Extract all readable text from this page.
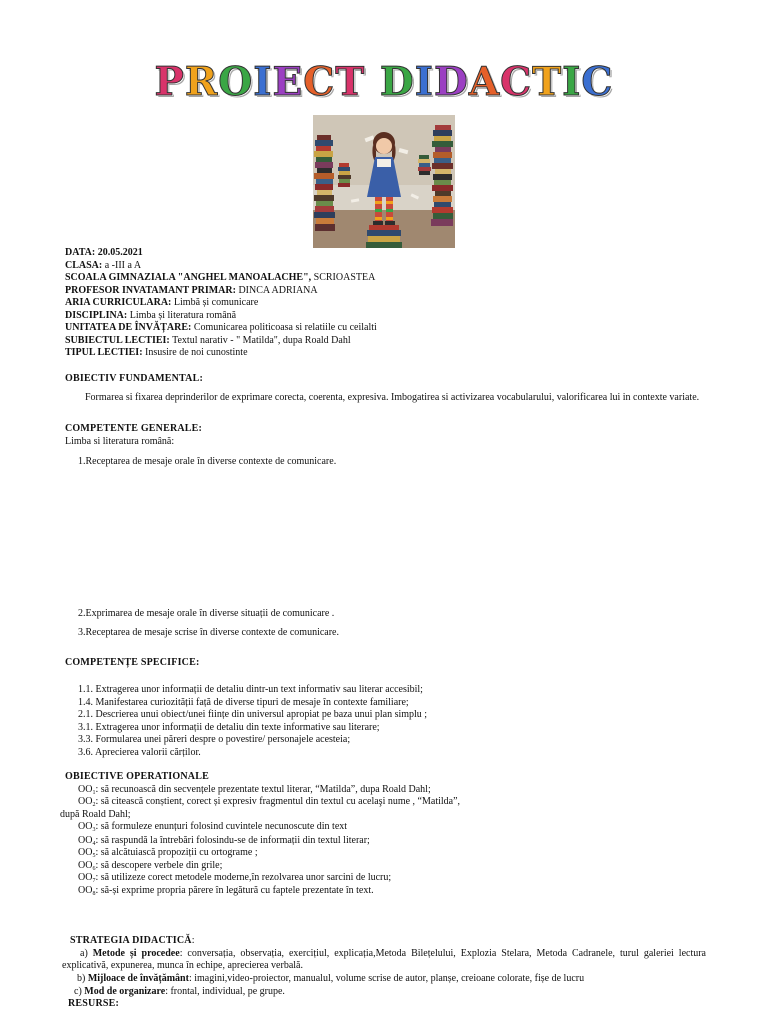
PROIECT DIDACTIC
DATA: 20.05.2021
CLASA: a -III a A
SCOALA GIMNAZIALA "ANGHEL MANOALACHE", SCRIOASTEA
PROFESOR INVATAMANT PRIMAR: DINCA ADRIANA
ARIA CURRICULARA: Limbă și comunicare
DISCIPLINA: Limba și literatura română
UNITATEA DE ÎNVĂȚARE: Comunicarea politicoasa si relatiile cu ceilalti
SUBIECTUL LECTIEI: Textul narativ - " Matilda", dupa Roald Dahl
TIPUL LECTIEI: Insusire de noi cunostinte
OBIECTIV FUNDAMENTAL:
Formarea si fixarea deprinderilor de exprimare corecta, coerenta, expresiva. Imbogatirea si activizarea vocabularului, valorificarea lui in contexte variate.
COMPETENTE GENERALE:
Limba si literatura română:
1.Receptarea de mesaje orale în diverse contexte de comunicare.
2.Exprimarea de mesaje orale în diverse situații de comunicare .
3.Receptarea de mesaje scrise în diverse contexte de comunicare.
COMPETENȚE SPECIFICE:
1.1. Extragerea unor informații de detaliu dintr-un text informativ sau literar accesibil;
1.4. Manifestarea curiozității față de diverse tipuri de mesaje în contexte familiare;
2.1. Descrierea unui obiect/unei ființe din universul apropiat pe baza unui plan simplu ;
3.1. Extragerea unor informații de detaliu din texte informative sau literare;
3.3. Formularea unei păreri despre o povestire/ personajele acesteia;
3.6. Aprecierea valorii cărților.
OBIECTIVE OPERATIONALE
$OO_1$: să recunoască din secvențele prezentate textul literar, “Matilda”, dupa Roald Dahl;
$OO_2$: să citească conștient, corect și expresiv fragmentul din textul cu acelaşi nume , “Matilda”,
după Roald Dahl;
$OO_3$: să formuleze enunțuri folosind cuvintele necunoscute din text
$OO_4$: să raspundă la întrebări folosindu-se de informații din textul literar;
$OO_5$: să alcătuiască propoziții cu ortograme ;
$OO_6$: să descopere verbele din grile;
$OO_7$: să utilizeze corect metodele moderne,în rezolvarea unor sarcini de lucru;
$OO_8$: să-și exprime propria părere în legătură cu faptele prezentate în text.
STRATEGIA DIDACTICĂ:
a) Metode și procedee: conversația, observația, exercițiul, explicația,Metoda Bilețelului, Explozia Stelara, Metoda Cadranele, turul galeriei lectura explicativă, expunerea, munca în echipe, aprecierea verbală.
b) Mijloace de învățământ: imagini,video-proiector, manualul, volume scrise de autor, planșe, creioane colorate, fișe de lucru
c) Mod de organizare: frontal, individual, pe grupe.
RESURSE:
